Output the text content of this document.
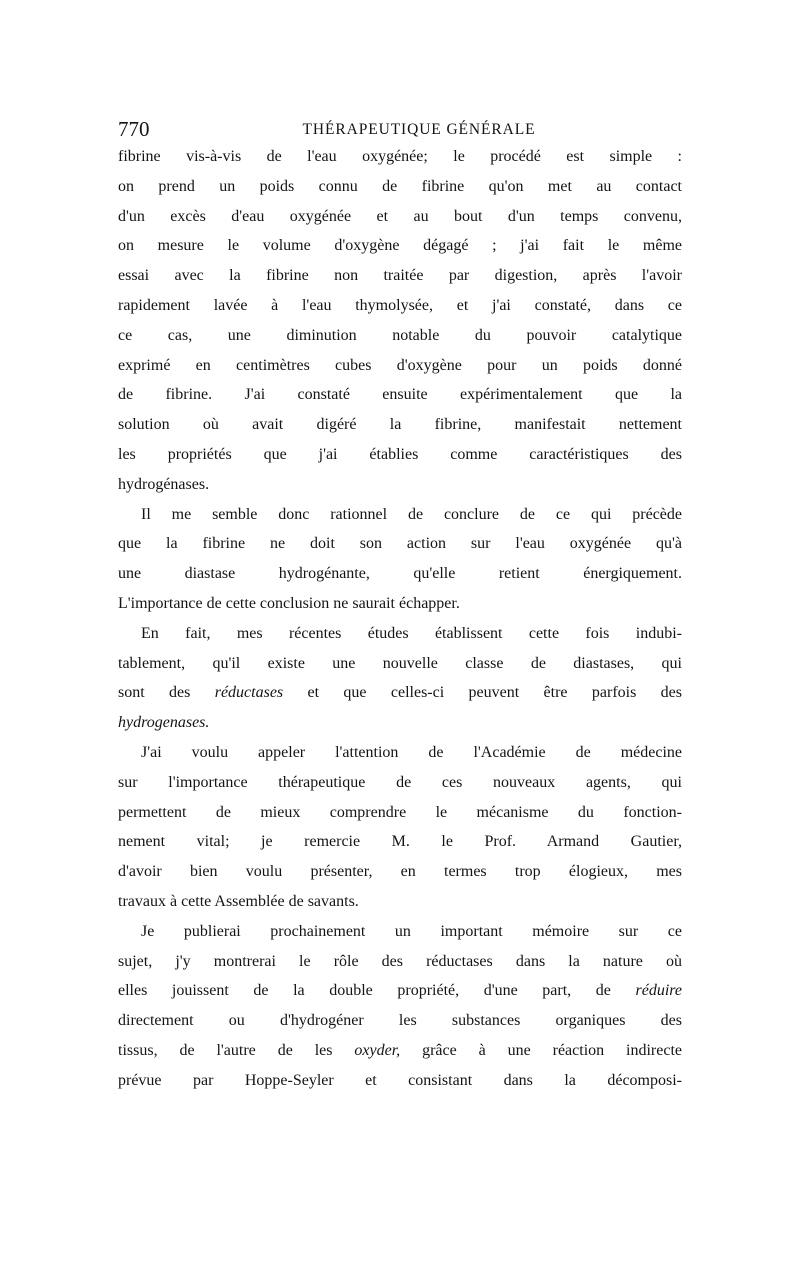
770	THÉRAPEUTIQUE GÉNÉRALE
fibrine vis-à-vis de l'eau oxygénée; le procédé est simple :
on prend un poids connu de fibrine qu'on met au contact
d'un excès d'eau oxygénée et au bout d'un temps convenu,
on mesure le volume d'oxygène dégagé ; j'ai fait le même
essai avec la fibrine non traitée par digestion, après l'avoir
rapidement lavée à l'eau thymolysée, et j'ai constaté, dans ce
ce cas, une diminution notable du pouvoir catalytique
exprimé en centimètres cubes d'oxygène pour un poids donné
de fibrine. J'ai constaté ensuite expérimentalement que la
solution où avait digéré la fibrine, manifestait nettement
les propriétés que j'ai établies comme caractéristiques des
hydrogénases.
Il me semble donc rationnel de conclure de ce qui précède
que la fibrine ne doit son action sur l'eau oxygénée qu'à
une diastase hydrogénante, qu'elle retient énergiquement.
L'importance de cette conclusion ne saurait échapper.
En fait, mes récentes études établissent cette fois indubi-
tablement, qu'il existe une nouvelle classe de diastases, qui
sont des réductases et que celles-ci peuvent être parfois des
hydrogenases.
J'ai voulu appeler l'attention de l'Académie de médecine
sur l'importance thérapeutique de ces nouveaux agents, qui
permettent de mieux comprendre le mécanisme du fonction-
nement vital; je remercie M. le Prof. Armand Gautier,
d'avoir bien voulu présenter, en termes trop élogieux, mes
travaux à cette Assemblée de savants.
Je publierai prochainement un important mémoire sur ce
sujet, j'y montrerai le rôle des réductases dans la nature où
elles jouissent de la double propriété, d'une part, de réduire
directement ou d'hydrogéner les substances organiques des
tissus, de l'autre de les oxyder, grâce à une réaction indirecte
prévue par Hoppe-Seyler et consistant dans la décomposi-
